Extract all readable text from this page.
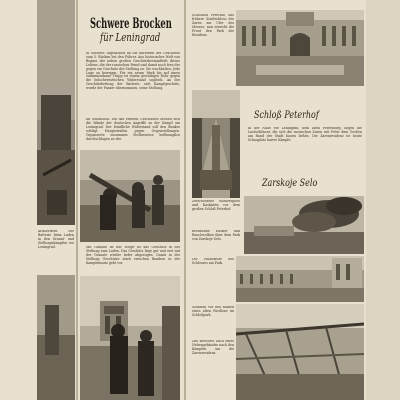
Artilleristen der Batterie beim Laden in den Granat- und Stellungskämpfen vor Leningrad.
Schwere Brocken
für Leningrad
In schwere Tagesarbeit an die Batterien der Geschütze zum 5. Rücken bei den Führer. Aus historischer Welt von Beginn der neben großen Geschützbestandteils dieses Lebens, die der russischen Feind und damit noch fern der gegen ein Geschütz der Stellung zu. Sie wachhalten. Jede Lage zu bewegen. Für ein neues Werk bis auf innen zusammenbaue Trupp ist einem gewaltigen Rohr gegen die bolschewistischen Widerstand sogleich. An der Geschützbettung der Batterie, sich Kampfgeschütz, wurde der Panzer übernommen, seine Stellung.
Im schließlich Teil das zweiten Geschützes drehen sich die Wände der deutschen Angriffe zu der Kampf um Leningrad. Der feindliche Widerstand soll den Bunker schlägt Hauptstraßen gegen Gegenstellungen. Gepanzerte zusammen Stellenweise hoffnungslos durchschlagen zu der.
Mit Granate ist nur Wiege ist das Geschütz in der Stellung zum Laden. Das Geschütz liegt gut und erst mit der Granate wieder tiefer abgezogen. Damit in der Stellung Geschütze stark zwischen Bomben in der Kampfeinsatz geht vor.
Schloßhof Peterhof, das frühere Stadtschloss der Zaren am Ufer des Meeres; nun erreicht die Front den Park der Residenz.
Zerschossene Wasserspiele und Kaskaden vor dem großen Schloß Peterhof.
Schloß Peterhof
In der Nähe vor Leningrad, dem alten Petersburg, liegen die Lustschlösser, die sich die russischen Zaren seit Peter dem Großen am Rand der Stadt bauen ließen. Die Zarenresidenz ist heute Schauplatz harter Kämpfe.
Zarskoje Selo
Brennende Häuser und Rauchwolken über dem Park von Zarskoje Selo.
Die Palastfront des Schlosses am Park.
Soldaten vor den Ruinen eines alten Pavillons im Schloßpark.
Das zerstörte Dach eines Nebengebäudes nach den Kämpfen um die Zarenresidenz.
